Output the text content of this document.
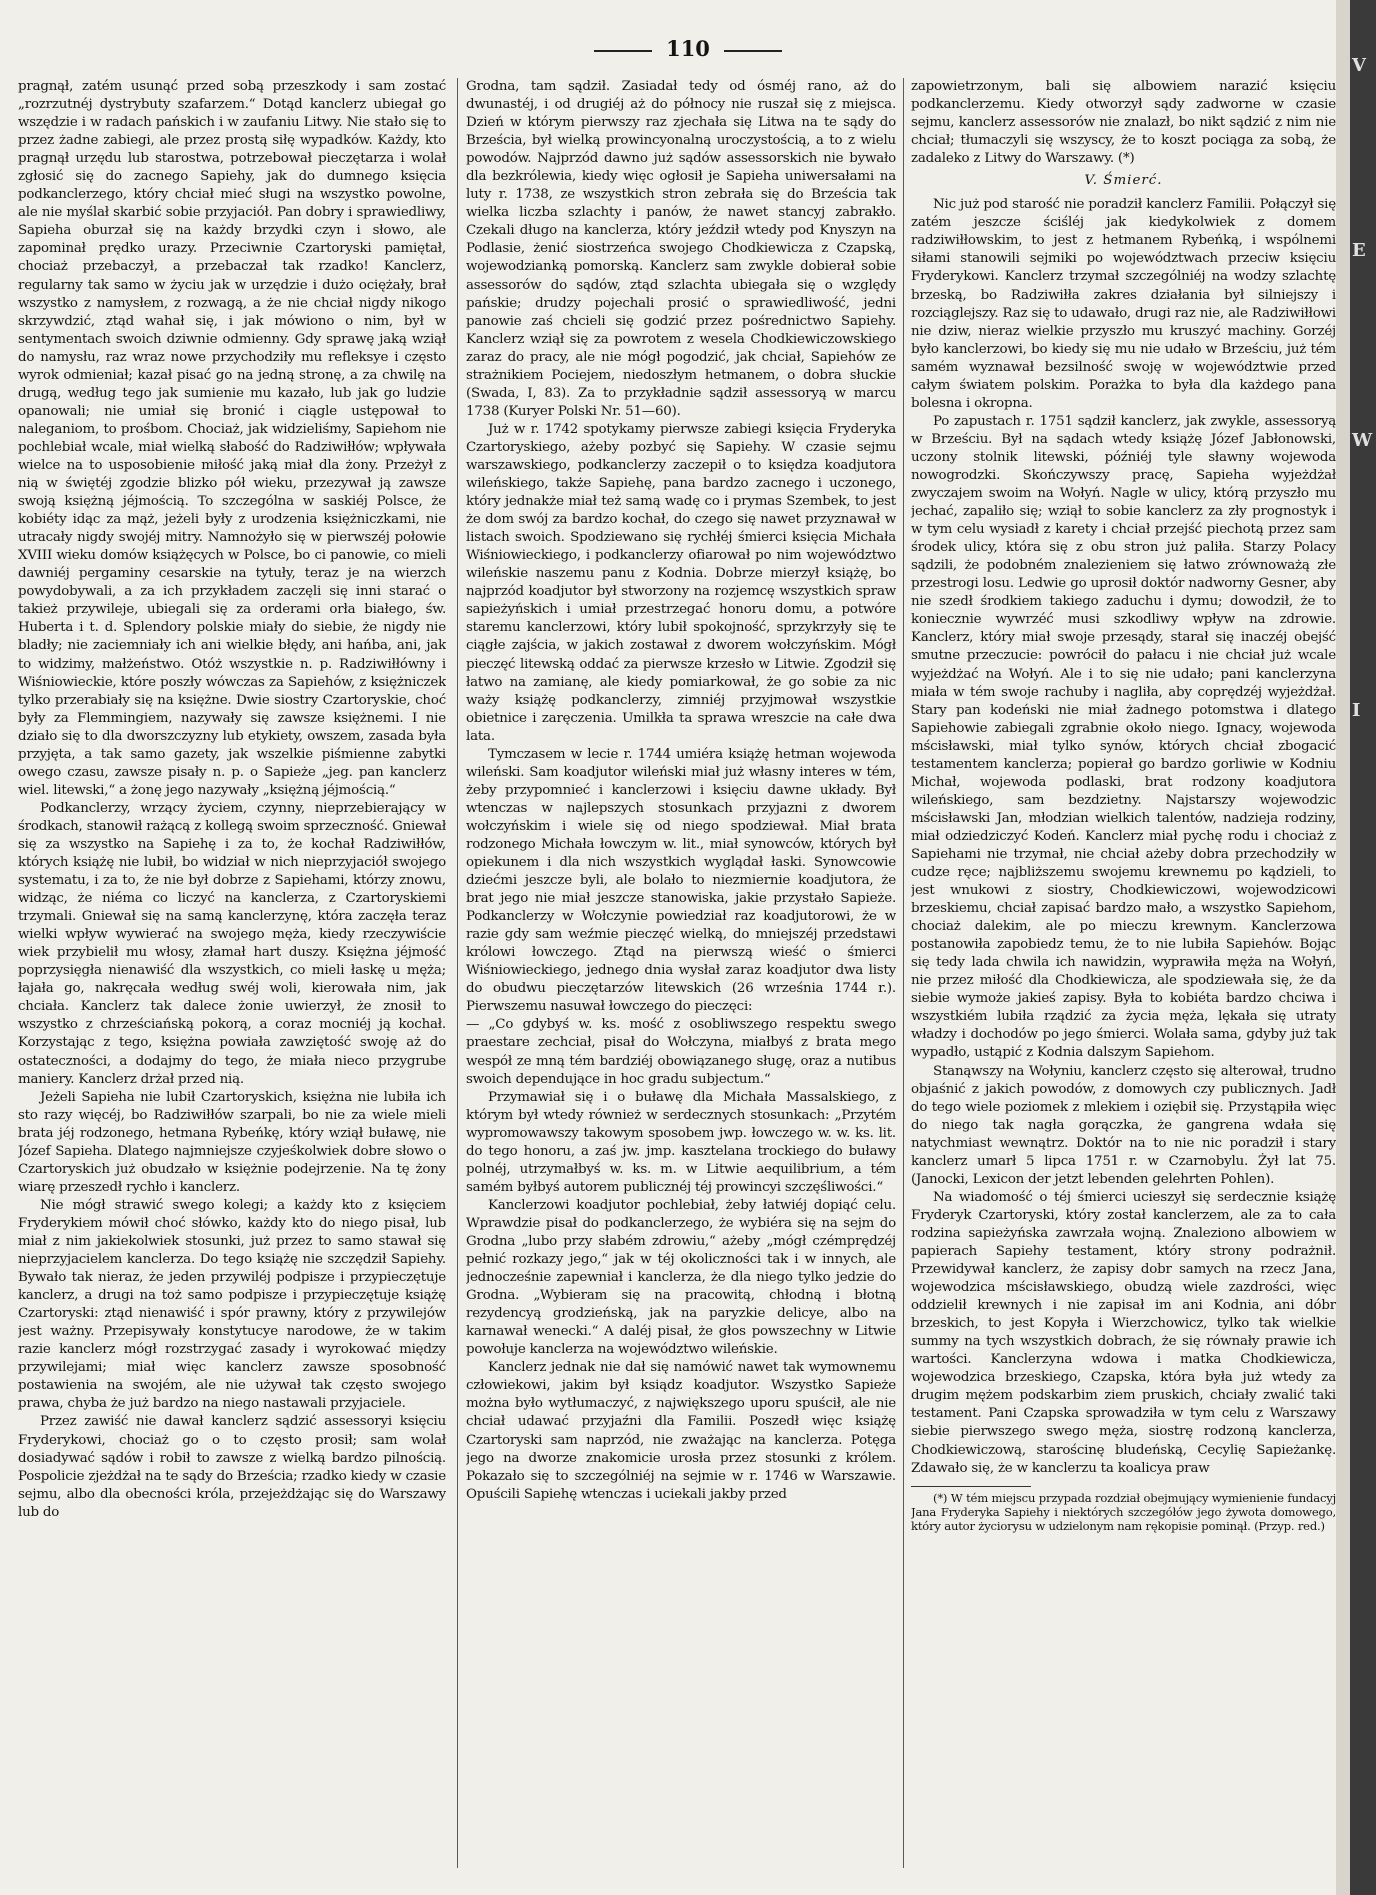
110

pragnął, zatém usunąć przed sobą przeszkody i sam zostać „rozrzutnéj dystrybuty szafarzem.“ Dotąd kanclerz ubiegał go wszędzie i w radach pańskich i w zaufaniu Litwy. Nie stało się to przez żadne zabiegi, ale przez prostą siłę wypadków. Każdy, kto pragnął urzędu lub starostwa, potrzebował pieczętarza i wolał zgłosić się do zacnego Sapiehy, jak do dumnego księcia podkanclerzego, który chciał mieć sługi na wszystko powolne, ale nie myślał skarbić sobie przyjaciół. Pan dobry i sprawiedliwy, Sapieha oburzał się na każdy brzydki czyn i słowo, ale zapominał prędko urazy. Przeciwnie Czartoryski pamiętał, chociaż przebaczył, a przebaczał tak rzadko! Kanclerz, regularny tak samo w życiu jak w urzędzie i dużo ociężały, brał wszystko z namysłem, z rozwagą, a że nie chciał nigdy nikogo skrzywdzić, ztąd wahał się, i jak mówiono o nim, był w sentymentach swoich dziwnie odmienny. Gdy sprawę jaką wziął do namysłu, raz wraz nowe przychodziły mu refleksye i często wyrok odmieniał; kazał pisać go na jedną stronę, a za chwilę na drugą, według tego jak sumienie mu kazało, lub jak go ludzie opanowali; nie umiał się bronić i ciągle ustępował to naleganiom, to prośbom. Chociaż, jak widzieliśmy, Sapiehom nie pochlebiał wcale, miał wielką słabość do Radziwiłłów; wpływała wielce na to usposobienie miłość jaką miał dla żony. Przeżył z nią w świętéj zgodzie blizko pół wieku, przezywał ją zawsze swoją księżną jéjmością. To szczególna w saskiéj Polsce, że kobiéty idąc za mąż, jeżeli były z urodzenia księżniczkami, nie utracały nigdy swojéj mitry. Namnożyło się w pierwszéj połowie XVIII wieku domów książęcych w Polsce, bo ci panowie, co mieli dawniéj pergaminy cesarskie na tytuły, teraz je na wierzch powydobywali, a za ich przykładem zaczęli się inni starać o takież przywileje, ubiegali się za orderami orła białego, św. Huberta i t. d. Splendory polskie miały do siebie, że nigdy nie bladły; nie zaciemniały ich ani wielkie błędy, ani hańba, ani, jak to widzimy, małżeństwo. Otóż wszystkie n. p. Radziwiłłówny i Wiśniowieckie, które poszły wówczas za Sapiehów, z księżniczek tylko przerabiały się na księżne. Dwie siostry Czartoryskie, choć były za Flemmingiem, nazywały się zawsze księżnemi. I nie działo się to dla dworszczyzny lub etykiety, owszem, zasada była przyjęta, a tak samo gazety, jak wszelkie piśmienne zabytki owego czasu, zawsze pisały n. p. o Sapieże „jeg. pan kanclerz wiel. litewski,“ a żonę jego nazywały „księżną jéjmością.“

Podkanclerzy, wrzący życiem, czynny, nieprzebierający w środkach, stanowił rażącą z kollegą swoim sprzeczność. Gniewał się za wszystko na Sapiehę i za to, że kochał Radziwiłłów, których książę nie lubił, bo widział w nich nieprzyjaciół swojego systematu, i za to, że nie był dobrze z Sapiehami, którzy znowu, widząc, że niéma co liczyć na kanclerza, z Czartoryskiemi trzymali. Gniewał się na samą kanclerzynę, która zaczęła teraz wielki wpływ wywierać na swojego męża, kiedy rzeczywiście wiek przybielił mu włosy, złamał hart duszy. Księżna jéjmość poprzysięgła nienawiść dla wszystkich, co mieli łaskę u męża; łajała go, nakręcała według swéj woli, kierowała nim, jak chciała. Kanclerz tak dalece żonie uwierzył, że znosił to wszystko z chrześciańską pokorą, a coraz mocniéj ją kochał. Korzystając z tego, księżna powiała zawziętość swoję aż do ostateczności, a dodajmy do tego, że miała nieco przygrube maniery. Kanclerz drżał przed nią.

Jeżeli Sapieha nie lubił Czartoryskich, księżna nie lubiła ich sto razy więcéj, bo Radziwiłłów szarpali, bo nie za wiele mieli brata jéj rodzonego, hetmana Rybeńkę, który wziął buławę, nie Józef Sapieha. Dlatego najmniejsze czyjeśkolwiek dobre słowo o Czartoryskich już obudzało w księżnie podejrzenie. Na tę żony wiarę przeszedł rychło i kanclerz.

Nie mógł strawić swego kolegi; a każdy kto z księciem Fryderykiem mówił choć słówko, każdy kto do niego pisał, lub miał z nim jakiekolwiek stosunki, już przez to samo stawał się nieprzyjacielem kanclerza. Do tego książę nie szczędził Sapiehy. Bywało tak nieraz, że jeden przywiléj podpisze i przypieczętuje kanclerz, a drugi na toż samo podpisze i przypieczętuje książę Czartoryski: ztąd nienawiść i spór prawny, który z przywilejów jest ważny. Przepisywały konstytucye narodowe, że w takim razie kanclerz mógł rozstrzygać zasady i wyrokować między przywilejami; miał więc kanclerz zawsze sposobność postawienia na swojém, ale nie używał tak często swojego prawa, chyba że już bardzo na niego nastawali przyjaciele.

Przez zawiść nie dawał kanclerz sądzić assessoryi księciu Fryderykowi, chociaż go o to często prosił; sam wolał dosiadywać sądów i robił to zawsze z wielką bardzo pilnością. Pospolicie zjeżdżał na te sądy do Brześcia; rzadko kiedy w czasie sejmu, albo dla obecności króla, przejeżdżając się do Warszawy lub do

Grodna, tam sądził. Zasiadał tedy od ósméj rano, aż do dwunastéj, i od drugiéj aż do północy nie ruszał się z miejsca. Dzień w którym pierwszy raz zjechała się Litwa na te sądy do Brześcia, był wielką prowincyonalną uroczystością, a to z wielu powodów. Najprzód dawno już sądów assessorskich nie bywało dla bezkrólewia, kiedy więc ogłosił je Sapieha uniwersałami na luty r. 1738, ze wszystkich stron zebrała się do Brześcia tak wielka liczba szlachty i panów, że nawet stancyj zabrakło. Czekali długo na kanclerza, który jeździł wtedy pod Knyszyn na Podlasie, żenić siostrzeńca swojego Chodkiewicza z Czapską, wojewodzianką pomorską. Kanclerz sam zwykle dobierał sobie assessorów do sądów, ztąd szlachta ubiegała się o względy pańskie; drudzy pojechali prosić o sprawiedliwość, jedni panowie zaś chcieli się godzić przez pośrednictwo Sapiehy. Kanclerz wziął się za powrotem z wesela Chodkiewiczowskiego zaraz do pracy, ale nie mógł pogodzić, jak chciał, Sapiehów ze strażnikiem Pociejem, niedoszłym hetmanem, o dobra słuckie (Swada, I, 83). Za to przykładnie sądził assessoryą w marcu 1738 (Kuryer Polski Nr. 51—60).

Już w r. 1742 spotykamy pierwsze zabiegi księcia Fryderyka Czartoryskiego, ażeby pozbyć się Sapiehy. W czasie sejmu warszawskiego, podkanclerzy zaczepił o to księdza koadjutora wileńskiego, także Sapiehę, pana bardzo zacnego i uczonego, który jednakże miał też samą wadę co i prymas Szembek, to jest że dom swój za bardzo kochał, do czego się nawet przyznawał w listach swoich. Spodziewano się rychłéj śmierci księcia Michała Wiśniowieckiego, i podkanclerzy ofiarował po nim województwo wileńskie naszemu panu z Kodnia. Dobrze mierzył książę, bo najprzód koadjutor był stworzony na rozjemcę wszystkich spraw sapieżyńskich i umiał przestrzegać honoru domu, a potwóre staremu kanclerzowi, który lubił spokojność, sprzykrzyły się te ciągłe zajścia, w jakich zostawał z dworem wołczyńskim. Mógł pieczęć litewską oddać za pierwsze krzesło w Litwie. Zgodził się łatwo na zamianę, ale kiedy pomiarkował, że go sobie za nic waży książę podkanclerzy, zimniéj przyjmował wszystkie obietnice i zaręczenia. Umilkła ta sprawa wreszcie na całe dwa lata.

Tymczasem w lecie r. 1744 umiéra książę hetman wojewoda wileński. Sam koadjutor wileński miał już własny interes w tém, żeby przypomnieć i kanclerzowi i księciu dawne układy. Był wtenczas w najlepszych stosunkach przyjazni z dworem wołczyńskim i wiele się od niego spodziewał. Miał brata rodzonego Michała łowczym w. lit., miał synowców, których był opiekunem i dla nich wszystkich wyglądał łaski. Synowcowie dziećmi jeszcze byli, ale bolało to niezmiernie koadjutora, że brat jego nie miał jeszcze stanowiska, jakie przystało Sapieże. Podkanclerzy w Wołczynie powiedział raz koadjutorowi, że w razie gdy sam weźmie pieczęć wielką, do mniejszéj przedstawi królowi łowczego. Ztąd na pierwszą wieść o śmierci Wiśniowieckiego, jednego dnia wysłał zaraz koadjutor dwa listy do obudwu pieczętarzów litewskich (26 września 1744 r.). Pierwszemu nasuwał łowczego do pieczęci:

— „Co gdybyś w. ks. mość z osobliwszego respektu swego praestare zechciał, pisał do Wołczyna, miałbyś z brata mego wespół ze mną tém bardziéj obowiązanego sługę, oraz a nutibus swoich dependujące in hoc gradu subjectum.“

Przymawiał się i o buławę dla Michała Massalskiego, z którym był wtedy również w serdecznych stosunkach: „Przytém wypromowawszy takowym sposobem jwp. łowczego w. w. ks. lit. do tego honoru, a zaś jw. jmp. kasztelana trockiego do buławy polnéj, utrzymałbyś w. ks. m. w Litwie aequilibrium, a tém samém byłbyś autorem publicznéj téj prowincyi szczęśliwości.“

Kanclerzowi koadjutor pochlebiał, żeby łatwiéj dopiąć celu. Wprawdzie pisał do podkanclerzego, że wybiéra się na sejm do Grodna „lubo przy słabém zdrowiu,“ ażeby „mógł czémprędzéj pełnić rozkazy jego,“ jak w téj okoliczności tak i w innych, ale jednocześnie zapewniał i kanclerza, że dla niego tylko jedzie do Grodna. „Wybieram się na pracowitą, chłodną i błotną rezydencyą grodzieńską, jak na paryzkie delicye, albo na karnawał wenecki.“ A daléj pisał, że głos powszechny w Litwie powołuje kanclerza na województwo wileńskie.

Kanclerz jednak nie dał się namówić nawet tak wymownemu człowiekowi, jakim był ksiądz koadjutor. Wszystko Sapieże można było wytłumaczyć, z największego uporu spuścił, ale nie chciał udawać przyjaźni dla Familii. Poszedł więc książę Czartoryski sam naprzód, nie zważając na kanclerza. Potęga jego na dworze znakomicie urosła przez stosunki z królem. Pokazało się to szczególniéj na sejmie w r. 1746 w Warszawie. Opuścili Sapiehę wtenczas i uciekali jakby przed

zapowietrzonym, bali się albowiem narazić księciu podkanclerzemu. Kiedy otworzył sądy zadworne w czasie sejmu, kanclerz assessorów nie znalazł, bo nikt sądzić z nim nie chciał; tłumaczyli się wszyscy, że to koszt pociąga za sobą, że zadaleko z Litwy do Warszawy. (*)

V. Śmierć.

Nic już pod starość nie poradził kanclerz Familii. Połączył się zatém jeszcze ściśléj jak kiedykolwiek z domem radziwiłłowskim, to jest z hetmanem Rybeńką, i wspólnemi siłami stanowili sejmiki po województwach przeciw księciu Fryderykowi. Kanclerz trzymał szczególniéj na wodzy szlachtę brzeską, bo Radziwiłła zakres działania był silniejszy i rozciąglejszy. Raz się to udawało, drugi raz nie, ale Radziwiłłowi nie dziw, nieraz wielkie przyszło mu kruszyć machiny. Gorzéj było kanclerzowi, bo kiedy się mu nie udało w Brześciu, już tém samém wyznawał bezsilność swoję w województwie przed całym światem polskim. Porażka to była dla każdego pana bolesna i okropna.

Po zapustach r. 1751 sądził kanclerz, jak zwykle, assessoryą w Brześciu. Był na sądach wtedy książę Józef Jabłonowski, uczony stolnik litewski, późniéj tyle sławny wojewoda nowogrodzki. Skończywszy pracę, Sapieha wyjeżdżał zwyczajem swoim na Wołyń. Nagle w ulicy, którą przyszło mu jechać, zapaliło się; wziął to sobie kanclerz za zły prognostyk i w tym celu wysiadł z karety i chciał przejść piechotą przez sam środek ulicy, która się z obu stron już paliła. Starzy Polacy sądzili, że podobném znalezieniem się łatwo zrównoważą złe przestrogi losu. Ledwie go uprosił doktór nadworny Gesner, aby nie szedł środkiem takiego zaduchu i dymu; dowodził, że to koniecznie wywrzéć musi szkodliwy wpływ na zdrowie. Kanclerz, który miał swoje przesądy, starał się inaczéj obejść smutne przeczucie: powrócił do pałacu i nie chciał już wcale wyjeżdżać na Wołyń. Ale i to się nie udało; pani kanclerzyna miała w tém swoje rachuby i nagliła, aby coprędzéj wyjeżdżał. Stary pan kodeński nie miał żadnego potomstwa i dlatego Sapiehowie zabiegali zgrabnie około niego. Ignacy, wojewoda mścisławski, miał tylko synów, których chciał zbogacić testamentem kanclerza; popierał go bardzo gorliwie w Kodniu Michał, wojewoda podlaski, brat rodzony koadjutora wileńskiego, sam bezdzietny. Najstarszy wojewodzic mścisławski Jan, młodzian wielkich talentów, nadzieja rodziny, miał odziedziczyć Kodeń. Kanclerz miał pychę rodu i chociaż z Sapiehami nie trzymał, nie chciał ażeby dobra przechodziły w cudze ręce; najbliższemu swojemu krewnemu po kądzieli, to jest wnukowi z siostry, Chodkiewiczowi, wojewodzicowi brzeskiemu, chciał zapisać bardzo mało, a wszystko Sapiehom, chociaż dalekim, ale po mieczu krewnym. Kanclerzowa postanowiła zapobiedz temu, że to nie lubiła Sapiehów. Bojąc się tedy lada chwila ich nawidzin, wyprawiła męża na Wołyń, nie przez miłość dla Chodkiewicza, ale spodziewała się, że da siebie wymoże jakieś zapisy. Była to kobiéta bardzo chciwa i wszystkiém lubiła rządzić za życia męża, lękała się utraty władzy i dochodów po jego śmierci. Wolała sama, gdyby już tak wypadło, ustąpić z Kodnia dalszym Sapiehom.

Stanąwszy na Wołyniu, kanclerz często się alterował, trudno objaśnić z jakich powodów, z domowych czy publicznych. Jadł do tego wiele poziomek z mlekiem i oziębił się. Przystąpiła więc do niego tak nagła gorączka, że gangrena wdała się natychmiast wewnątrz. Doktór na to nie nic poradził i stary kanclerz umarł 5 lipca 1751 r. w Czarnobylu. Żył lat 75. (Janocki, Lexicon der jetzt lebenden gelehrten Pohlen).

Na wiadomość o téj śmierci ucieszył się serdecznie książę Fryderyk Czartoryski, który został kanclerzem, ale za to cała rodzina sapieżyńska zawrzała wojną. Znaleziono albowiem w papierach Sapiehy testament, który strony podrażnił. Przewidywał kanclerz, że zapisy dobr samych na rzecz Jana, wojewodzica mścisławskiego, obudzą wiele zazdrości, więc oddzielił krewnych i nie zapisał im ani Kodnia, ani dóbr brzeskich, to jest Kopyła i Wierzchowicz, tylko tak wielkie summy na tych wszystkich dobrach, że się równały prawie ich wartości. Kanclerzyna wdowa i matka Chodkiewicza, wojewodzica brzeskiego, Czapska, która była już wtedy za drugim mężem podskarbim ziem pruskich, chciały zwalić taki testament. Pani Czapska sprowadziła w tym celu z Warszawy siebie pierwszego swego męża, siostrę rodzoną kanclerza, Chodkiewiczową, starościnę bludeńską, Cecylię Sapieżankę. Zdawało się, że w kanclerzu ta koalicya praw

(*) W tém miejscu przypada rozdział obejmujący wymienienie fundacyj Jana Fryderyka Sapiehy i niektórych szczegółów jego żywota domowego, który autor życiorysu w udzielonym nam rękopisie pominął. (Przyp. red.)

V
E
W
I
